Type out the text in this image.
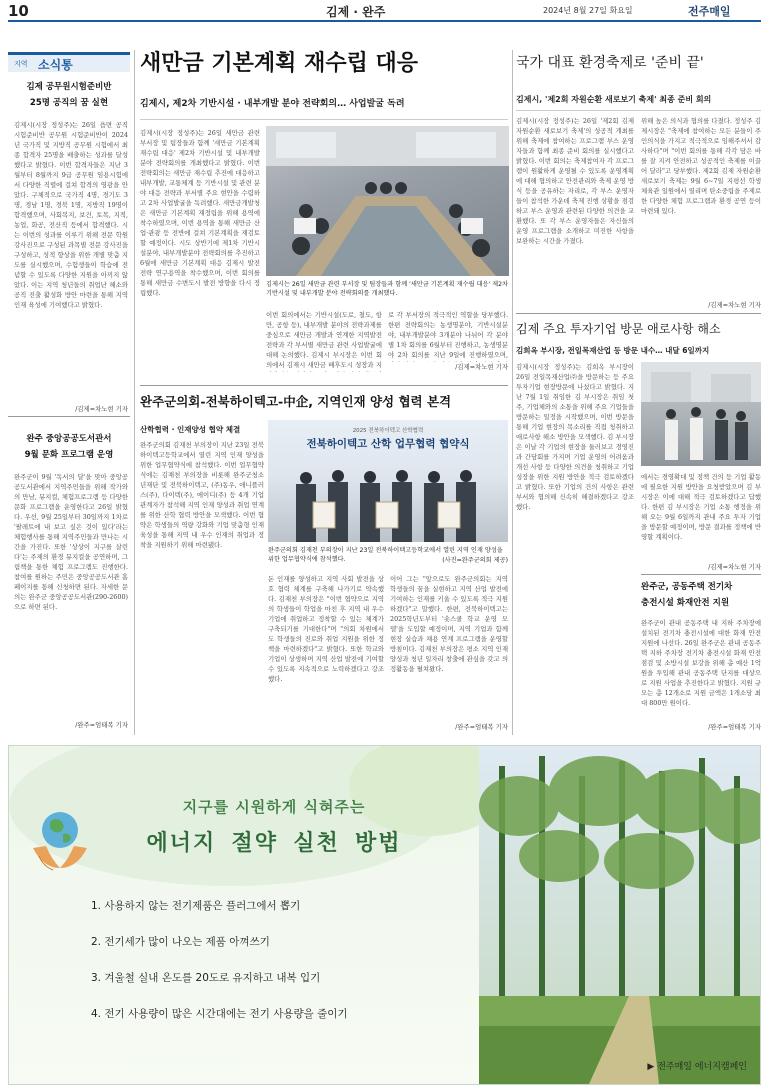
10	김제 · 완주	2024년 8월 27일 화요일	전주매일
지역 소식통
김제 공무원시험준비반
25명 공직의 꿈 실현
김제시(시장 정성주)는 26일 읍면 공직 시험준비반 공무원 시험준비반이 2024년 국가직 및 지방직 공무원 시험에서 최종 합격자 25명을 배출하는 성과를 달성했다고 밝혔다. 이번 합격자들은 지난 3월부터 8월까지 9급 공무원 임용시험에서 다양한 직렬에 걸쳐 합격의 영광을 안았다. 구체적으로 국가직 4명, 경기도 3명, 경남 1명, 경북 1명, 지방직 19명이 합격했으며, 사회복지, 보건, 토목, 지적, 농업, 화공, 전산직 등에서 합격했다. 시는 이번의 성과를 이루기 위해 전문 학원 강사진으로 구성된 과목별 전문 강사진을 구성하고, 성적 향상을 위한 개별 맞춤 지도를 실시했으며, 수험생들이 학습에 전념할 수 있도록 다양한 지원을 아끼지 않았다. 이는 지역 청년들의 취업난 해소와 공직 진출 활성화 방안 마련을 통해 지역 인재 육성에 기여했다고 밝혔다.
/김제=차노현 기자
완주 중앙공공도서관서
9월 문화 프로그램 운영
완주군이 9월 '독서의 달'을 맞아 중앙공공도서관에서 지역주민들을 위해 작가와의 만남, 뮤지컬, 체험프로그램 등 다양한 문화 프로그램을 운영한다고 26일 밝혔다. 우선, 9월 25일부터 30일까지 1차로 '팔레트에 내 보고 싶은 것이 있다'라는 체험행사를 통해 지역주민들과 만나는 시간을 가진다. 또한 '상상이 지구를 살린다'는 주제의 환경 뮤지컬을 공연하며, 그림책을 통한 체험 프로그램도 진행한다. 참여를 원하는 주민은 중앙공공도서관 홈페이지를 통해 신청하면 된다. 자세한 문의는 완주군 중앙공공도서관(290-2600)으로 하면 된다.
/완주=엄태복 기자
새만금 기본계획 재수립 대응
김제시, 제2차 기반시설 · 내부개발 분야 전략회의… 사업발굴 독려
김제시(시장 정성주)는 26일 새만금 관련 부서장 및 팀장들과 함께 '새만금 기본계획 재수립 대응' 제2차 기반시설 및 내부개발 분야 전략회의를 개최했다고 밝혔다. 이번 전략회의는 새만금 재수립 추진에 대응하고 내부개발, 교통체계 등 기반시설 및 관련 분야 대응 전략과 부서별 주요 현안을 수렴하고 2차 사업발굴을 독려했다. 새만금개발청은 새만금 기본계획 재정립을 위해 용역에 착수하였으며, 이번 용역을 통해 새만금 산업·관광 등 전반에 걸쳐 기본계획을 재검토할 예정이다. 시도 상반기에 제1차 기반시설분야, 내부개발분야 전략회의를 추진하고 6월에 새만금 기본계획 대응 김제시 발전 전략 연구용역을 착수했으며, 이번 회의를 통해 새만금 수변도시 발전 방향을 다시 정립했다.
김제시는 26일 새만금 관련 부서장 및 팀장들과 함께 '새만금 기본계획 재수립 대응' 제2차 기반시설 및 내부개발 분야 전략회의를 개최했다.
이번 회의에서는 기반시설(도로, 철도, 항만, 공항 등), 내부개발 분야의 전략과제를 중심으로 새만금 개발과 연계한 지역발전 전략과 각 부서별 새만금 관련 사업발굴에 대해 논의했다. 김제시 부시장은 이번 회의에서 김제시 새만금 배후도시 성장과 지
로 각 부서장의 적극적인 역할을 당부했다. 한편 전략회의는 농생명분야, 기반시설분야, 내부개발분야 3개분야 나뉘어 각 분야별 1차 회의를 6월부터 진행하고, 농생명분야 2차 회의를 지난 9일에 진행하였으며,
/김제=차노현 기자
완주군의회-전북하이텍고-中企, 지역인재 양성 협력 본격
산학협력 · 인재양성 협약 체결
완주군의회 김재천 부의장이 지난 23일 전북하이텍고등학교에서 열린 지역 인재 양성을 위한 업무협약식에 참석했다. 이번 업무협약식에는 김재천 부의장을 비롯해 완주군청소년재단 및 전북하이텍고, (주)동우, 애니플러스(주), 다이텍(주), 에이디(주) 등 4개 기업 관계자가 참석해 지역 인재 양성과 취업 연계를 위한 산학 협력 방안을 모색했다. 이번 협약은 학생들의 역량 강화와 기업 맞춤형 인재 육성을 통해 지역 내 우수 인재의 취업과 정착을 지원하기 위해 마련됐다.
2025 전북하이텍고 산학협력
전북하이텍고 산학 업무협력 협약식
완주군의회 김재천 부의장이 지난 23일 전북하이텍고등학교에서 열린 지역 인재 양성을 위한 업무협약식에 참석했다.	(사진=완주군의회 제공)
돈 인재를 양성하고 지역 사회 발전을 상호 협력 체계를 구축해 나가기로 약속했다. 김재천 부의장은 "이번 협약으로 지역의 학생들이 학업을 마친 후 지역 내 우수 기업에 취업하고 정착할 수 있는 체계가 구축되기를 기대한다"며 "의회 차원에서도 학생들의 진로와 취업 지원을 위한 정책을 마련하겠다"고 밝혔다. 또한 학교와 기업이 상생하며 지역 산업 발전에 기여할 수 있도록 지속적으로 노력하겠다고 강조했다.
이어 그는 "앞으로도 완주군의회는 지역 학생들의 꿈을 실현하고 지역 산업 발전에 기여하는 인재를 키울 수 있도록 적극 지원하겠다"고 말했다. 한편, 전북하이텍고는 2025학년도부터 '숏스쿨 학교 운영 모델'을 도입할 예정이며, 지역 기업과 함께 현장 실습과 채용 연계 프로그램을 운영할 방침이다. 김재천 부의장은 평소 지역 인재 양성과 청년 일자리 창출에 관심을 갖고 의정활동을 펼쳐왔다.
/완주=엄태복 기자
국가 대표 환경축제로 '준비 끝'
김제시, '제2회 자원순환 새로보기 축제' 최종 준비 회의
김제시(시장 정성주)는 26일 '제2회 김제 자원순환 새로보기 축제'의 성공적 개최를 위해 축제에 참여하는 프로그램 부스 운영자들과 함께 최종 준비 회의를 실시했다고 밝혔다. 이번 회의는 축제참여자 각 프로그램이 원활하게 운영될 수 있도록 운영계획에 대해 협의하고 안전관리와 축제 운영 방식 등을 공유하는 자리로, 각 부스 운영자들이 참석한 가운데 축제 진행 상황을 점검하고 부스 운영과 관련된 다양한 의견을 교환했다. 또 각 부스 운영자들은 자신들의 운영 프로그램을 소개하고 미진한 사항을 보완하는 시간을 가졌다.
위해 높은 의식과 협의를 다졌다. 정성주 김제시장은 "축제에 참여하는 모든 분들이 주인의식을 가지고 적극적으로 임해주셔서 감사하다"며 "이번 회의를 통해 각각 담은 바를 잘 지켜 안전하고 성공적인 축제를 이끌어 달라"고 당부했다. 제2회 김제 자원순환 새로보기 축제는 9월 6~7일 지평선 학생체육관 일원에서 열리며 탄소중립을 주제로 한 다양한 체험 프로그램과 환경 공연 등이 마련돼 있다.
/김제=차노현 기자
김제 주요 투자기업 방문 애로사항 해소
김희옥 부시장, 전일목재산업 등 방문 내수… 내달 6일까지
김제시(시장 정성주)는 김희옥 부시장이 26일 전일목재산업㈜을 방문하는 등 주요 투자기업 현장방문에 나섰다고 밝혔다. 지난 7월 1일 취임한 김 부시장은 취임 첫 주, 기업체와의 소통을 위해 주요 기업들을 방문하는 일정을 시작했으며, 이번 방문을 통해 기업 현장의 목소리를 직접 청취하고 애로사항 해소 방안을 모색했다. 김 부시장은 이날 각 기업의 현장을 둘러보고 경영진과 간담회를 가지며 기업 운영의 어려움과 개선 사항 등 다양한 의견을 청취하고 기업 성장을 위한 지원 방안을 적극 검토하겠다고 밝혔다. 또한 기업의 건의 사항은 관련 부서와 협의해 신속히 해결하겠다고 강조했다.
에서는 경영확대 및 정책 건의 등 기업 활동에 필요한 지원 방안을 요청받았으며 김 부시장은 이에 대해 적극 검토하겠다고 답했다. 한편 김 부시장은 기업 소통 행정을 위해 오는 9월 6일까지 관내 주요 투자 기업을 방문할 예정이며, 방문 결과를 정책에 반영할 계획이다.
/김제=차노현 기자
완주군, 공동주택 전기차
충전시설 화재안전 지원
완주군이 관내 공동주택 내 지하 주차장에 설치된 전기차 충전시설에 대한 화재 안전 지원에 나선다. 26일 완주군은 관내 공동주택 지하 주차장 전기차 충전시설 화재 안전 점검 및 소방시설 보강을 위해 총 예산 1억 원을 투입해 관내 공동주택 단지를 대상으로 지원 사업을 추진한다고 밝혔다. 지원 규모는 총 12개소로 지원 금액은 1개소당 최대 800만 원이다.
/완주=엄태복 기자
지구를 시원하게 식혀주는
에너지 절약 실천 방법
1. 사용하지 않는 전기제품은 플러그에서 뽑기
2. 전기세가 많이 나오는 제품 아껴쓰기
3. 겨울철 실내 온도를 20도로 유지하고 내복 입기
4. 전기 사용량이 많은 시간대에는 전기 사용량을 줄이기
▶ 전주매일 에너지캠페인
